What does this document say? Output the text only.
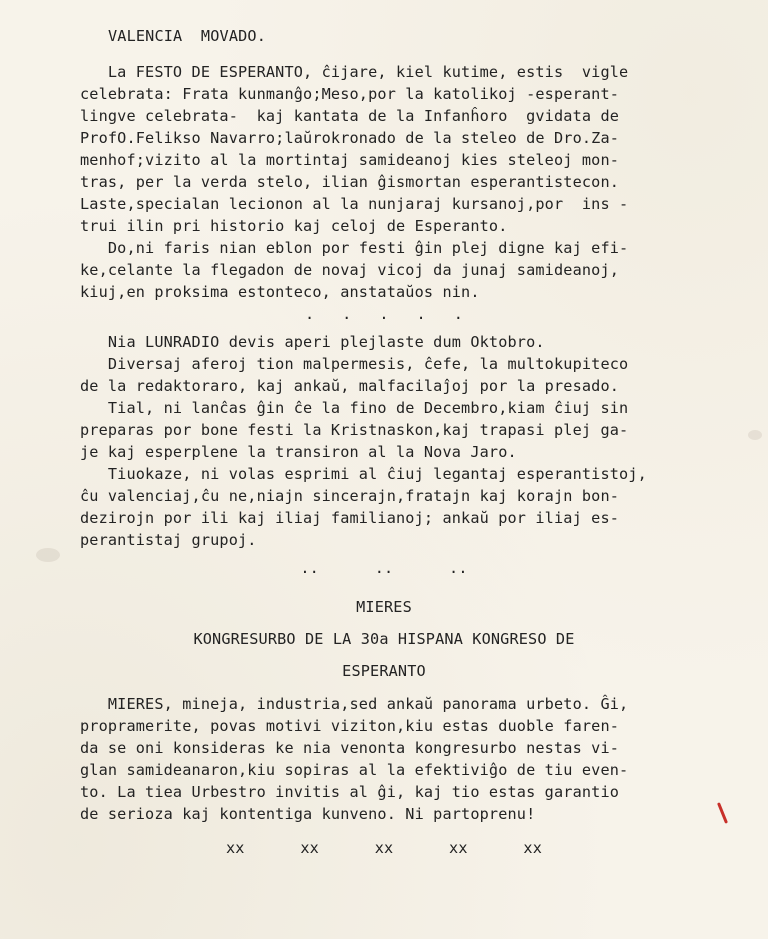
VALENCIA  MOVADO.
La FESTO DE ESPERANTO, ĉijare, kiel kutime, estis  vigle
celebrata: Frata kunmanĝo;Meso,por la katolikoj -esperant-
lingve celebrata-  kaj kantata de la Infanĥoro  gvidata de
ProfO.Felikso Navarro;laŭrokronado de la steleo de Dro.Za-
menhof;vizito al la mortintaj samideanoj kies steleoj mon-
tras, per la verda stelo, ilian ĝismortan esperantistecon.
Laste,specialan lecionon al la nunjaraj kursanoj,por  ins -
trui ilin pri historio kaj celoj de Esperanto.
Do,ni faris nian eblon por festi ĝin plej digne kaj efi-
ke,celante la flegadon de novaj vicoj da junaj samideanoj,
kiuj,en proksima estonteco, anstataŭos nin.
.   .   .   .   .
Nia LUNRADIO devis aperi plejlaste dum Oktobro.
Diversaj aferoj tion malpermesis, ĉefe, la multokupiteco
de la redaktoraro, kaj ankaŭ, malfacilaĵoj por la presado.
Tial, ni lanĉas ĝin ĉe la fino de Decembro,kiam ĉiuj sin
preparas por bone festi la Kristnaskon,kaj trapasi plej ga-
je kaj esperplene la transiron al la Nova Jaro.
Tiuokaze, ni volas esprimi al ĉiuj legantaj esperantistoj,
ĉu valenciaj,ĉu ne,niajn sincerajn,fratajn kaj korajn bon-
dezirojn por ili kaj iliaj familianoj; ankaŭ por iliaj es-
perantistaj grupoj.
..      ..      ..
MIERES
KONGRESURBO DE LA 30a HISPANA KONGRESO DE
ESPERANTO
MIERES, mineja, industria,sed ankaŭ panorama urbeto. Ĝi,
propramerite, povas motivi viziton,kiu estas duoble faren-
da se oni konsideras ke nia venonta kongresurbo nestas vi-
glan samideanaron,kiu sopiras al la efektiviĝo de tiu even-
to. La tiea Urbestro invitis al ĝi, kaj tio estas garantio
de serioza kaj kontentiga kunveno. Ni partoprenu!
xx      xx      xx      xx      xx
